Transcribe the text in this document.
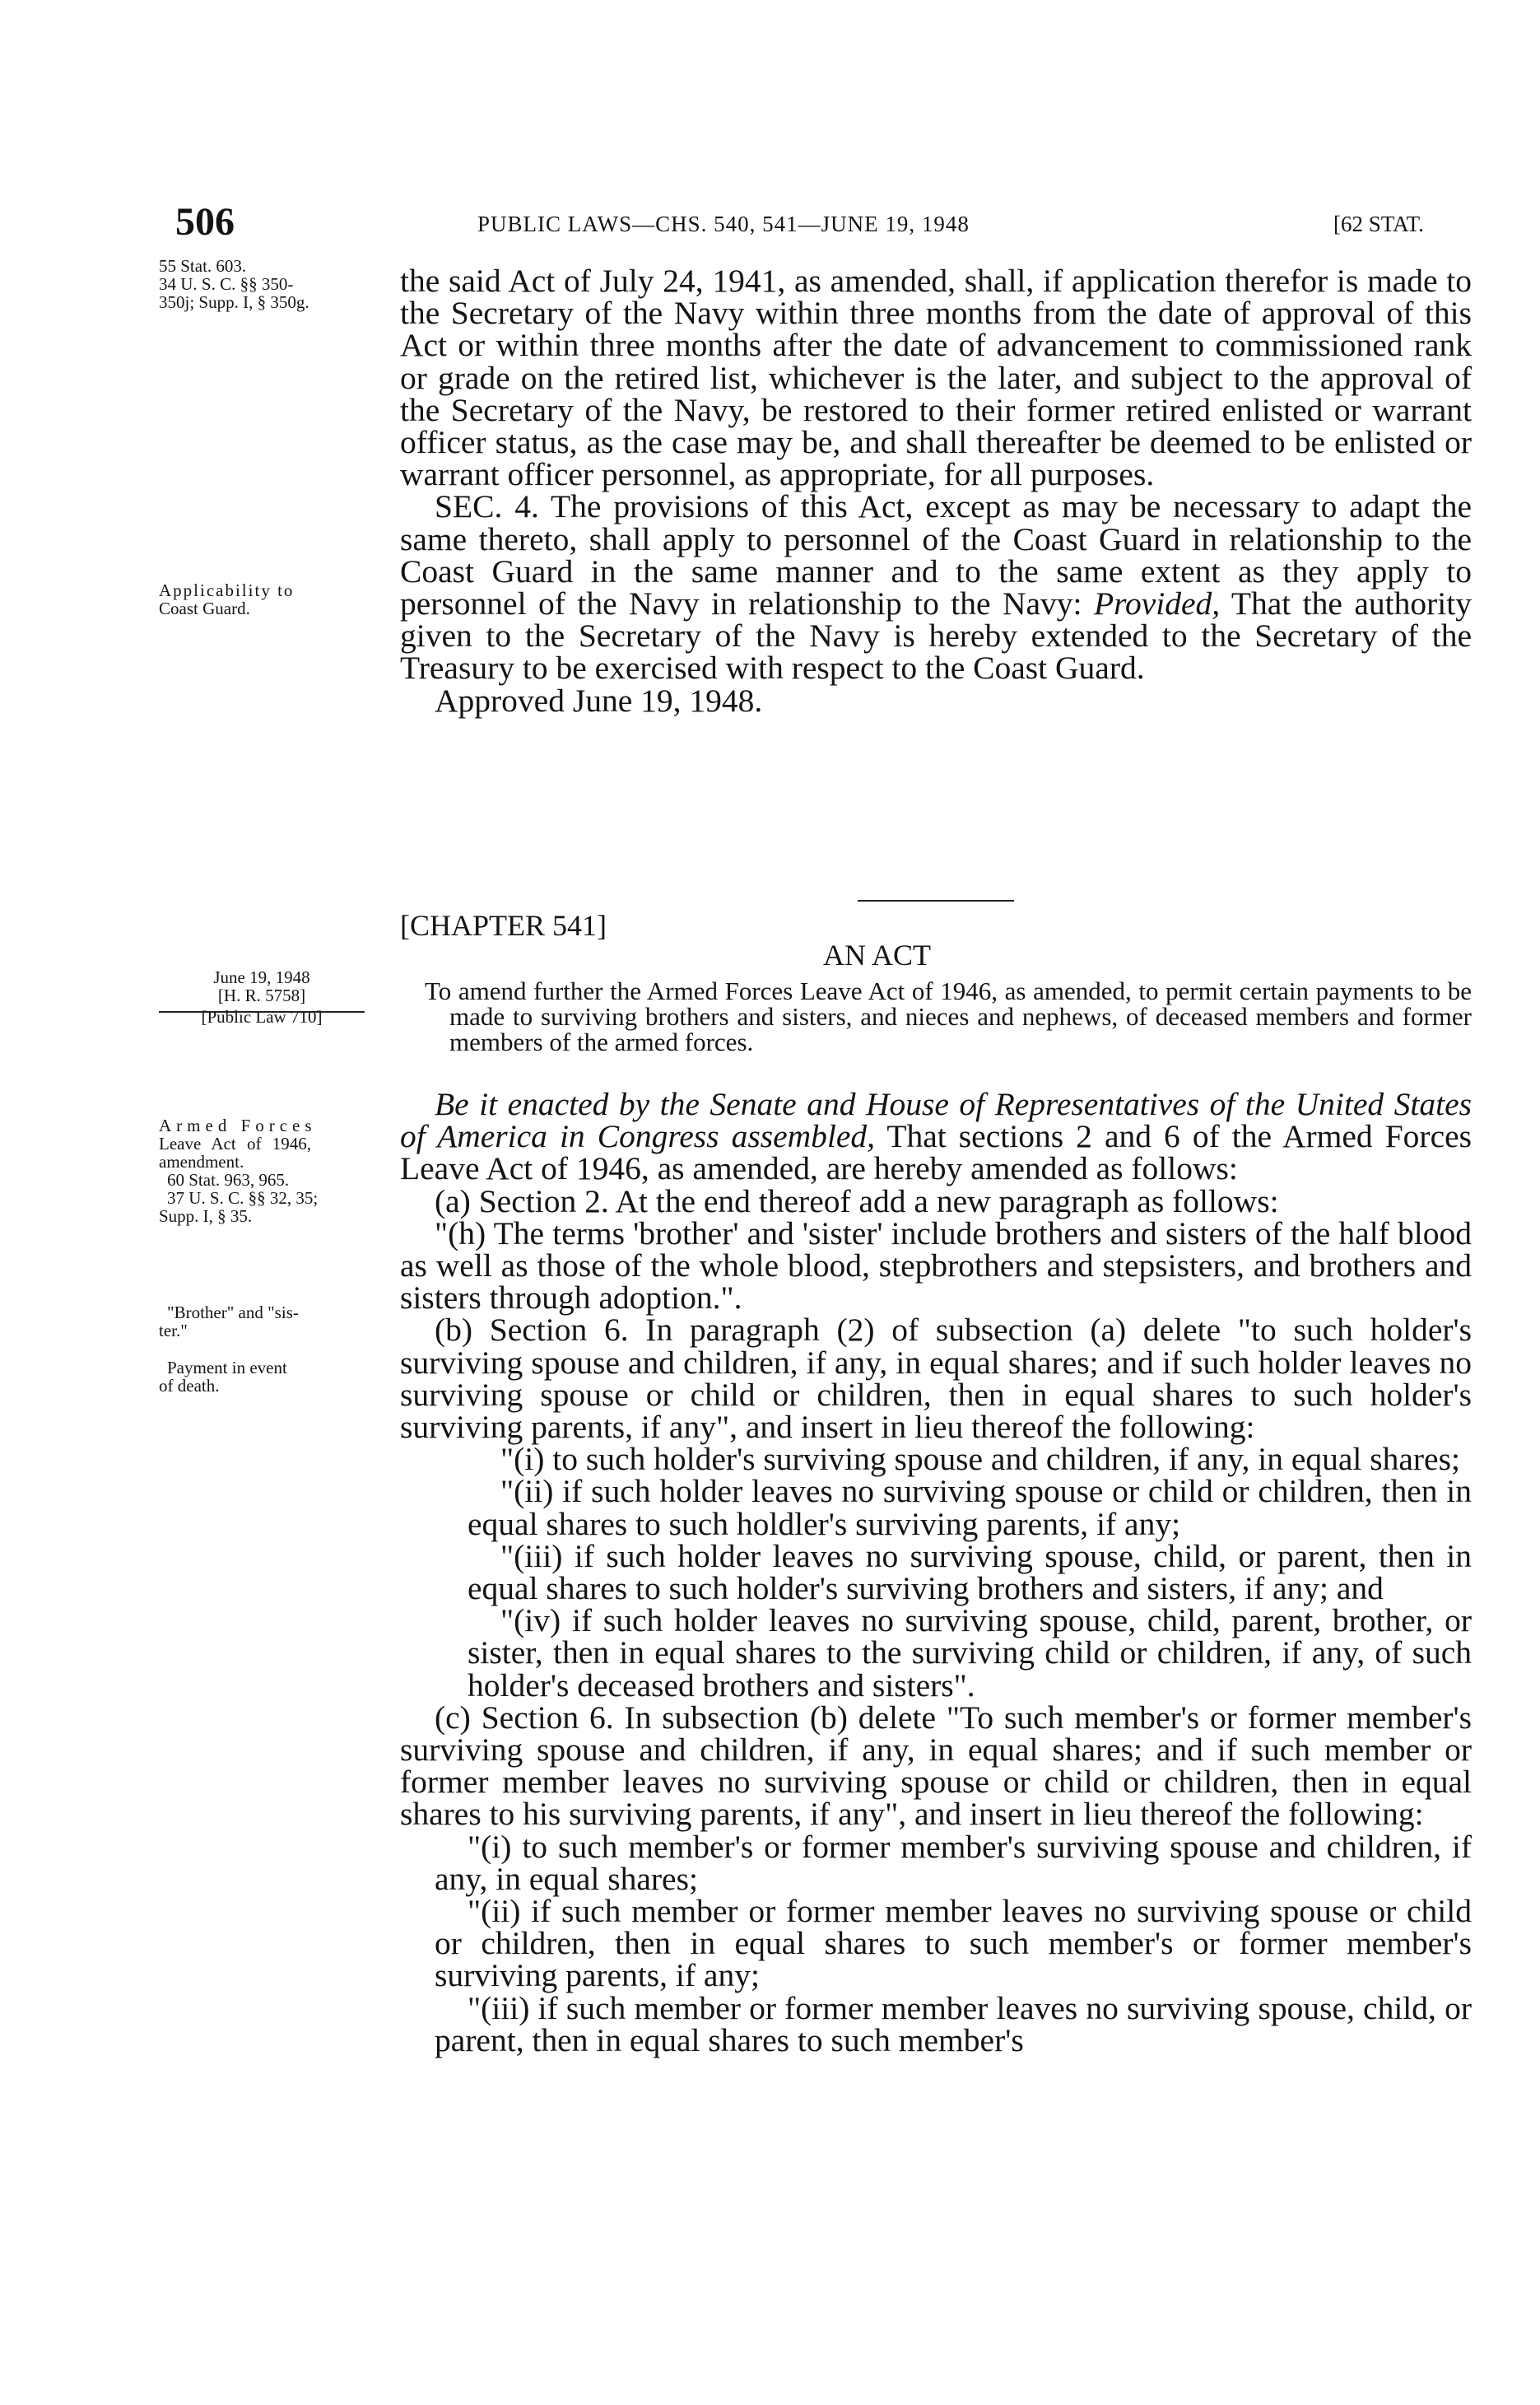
506	PUBLIC LAWS—CHS. 540, 541—JUNE 19, 1948	[62 STAT.
55 Stat. 603.
34 U. S. C. §§ 350-
350j; Supp. I, § 350g.
Applicability to
Coast Guard.
June 19, 1948
[H. R. 5758]
[Public Law 710]
Armed Forces
Leave Act of 1946,
amendment.
60 Stat. 963, 965.
37 U. S. C. §§ 32, 35;
Supp. I, § 35.
"Brother" and "sis-
ter."
Payment in event
of death.

the said Act of July 24, 1941, as amended, shall, if application therefor is made to the Secretary of the Navy within three months from the date of approval of this Act or within three months after the date of advancement to commissioned rank or grade on the retired list, whichever is the later, and subject to the approval of the Secretary of the Navy, be restored to their former retired enlisted or warrant officer status, as the case may be, and shall thereafter be deemed to be enlisted or warrant officer personnel, as appropriate, for all purposes.

SEC. 4. The provisions of this Act, except as may be necessary to adapt the same thereto, shall apply to personnel of the Coast Guard in relationship to the Coast Guard in the same manner and to the same extent as they apply to personnel of the Navy in relationship to the Navy: Provided, That the authority given to the Secretary of the Navy is hereby extended to the Secretary of the Treasury to be exercised with respect to the Coast Guard.

Approved June 19, 1948.

[CHAPTER 541]
AN ACT

To amend further the Armed Forces Leave Act of 1946, as amended, to permit certain payments to be made to surviving brothers and sisters, and nieces and nephews, of deceased members and former members of the armed forces.

Be it enacted by the Senate and House of Representatives of the United States of America in Congress assembled, That sections 2 and 6 of the Armed Forces Leave Act of 1946, as amended, are hereby amended as follows:

(a) Section 2. At the end thereof add a new paragraph as follows:

"(h) The terms 'brother' and 'sister' include brothers and sisters of the half blood as well as those of the whole blood, stepbrothers and stepsisters, and brothers and sisters through adoption.".

(b) Section 6. In paragraph (2) of subsection (a) delete "to such holder's surviving spouse and children, if any, in equal shares; and if such holder leaves no surviving spouse or child or children, then in equal shares to such holder's surviving parents, if any", and insert in lieu thereof the following:

"(i) to such holder's surviving spouse and children, if any, in equal shares;

"(ii) if such holder leaves no surviving spouse or child or children, then in equal shares to such holdler's surviving parents, if any;

"(iii) if such holder leaves no surviving spouse, child, or parent, then in equal shares to such holder's surviving brothers and sisters, if any; and

"(iv) if such holder leaves no surviving spouse, child, parent, brother, or sister, then in equal shares to the surviving child or children, if any, of such holder's deceased brothers and sisters".

(c) Section 6. In subsection (b) delete "To such member's or former member's surviving spouse and children, if any, in equal shares; and if such member or former member leaves no surviving spouse or child or children, then in equal shares to his surviving parents, if any", and insert in lieu thereof the following:

"(i) to such member's or former member's surviving spouse and children, if any, in equal shares;

"(ii) if such member or former member leaves no surviving spouse or child or children, then in equal shares to such member's or former member's surviving parents, if any;

"(iii) if such member or former member leaves no surviving spouse, child, or parent, then in equal shares to such member's
